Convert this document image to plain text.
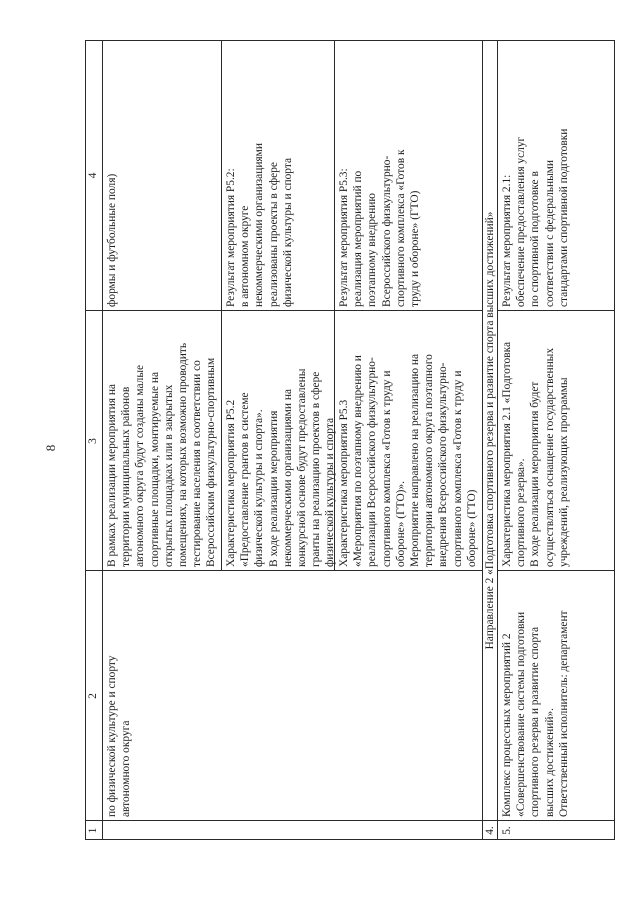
8
1
2
3
4
по физической культуре и спорту автономного округа
В рамках реализации мероприятия на территории муниципальных районов автономного округа будут созданы малые спортивные площадки, монтируемые на открытых площадках или в закрытых помещениях, на которых возможно проводить тестирование населения в соответствии со Всероссийским физкультурно-спортивным
формы и футбольные поля)
Характеристика мероприятия Р5.2 «Предоставление грантов в системе физической культуры и спорта». В ходе реализации мероприятия некоммерческими организациями на конкурсной основе будут предоставлены гранты на реализацию проектов в сфере физической культуры и спорта
Результат мероприятия Р5.2: в автономном округе некоммерческими организациями реализованы проекты в сфере физической культуры и спорта
Характеристика мероприятия Р5.3 «Мероприятия по поэтапному внедрению и реализации Всероссийского физкультурно- спортивного комплекса «Готов к труду и обороне» (ГТО)». Мероприятие направлено на реализацию на территории автономного округа поэтапного внедрения Всероссийского физкультурно- спортивного комплекса «Готов к труду и обороне» (ГТО)
Результат мероприятия Р5.3: реализация мероприятий по поэтапному внедрению Всероссийского физкультурно- спортивного комплекса «Готов к труду и обороне» (ГТО)
4.
Направление 2 «Подготовка спортивного резерва и развитие спорта высших достижений»
5.
Комплекс процессных мероприятий 2 «Совершенствование системы подготовки спортивного резерва и развитие спорта высших достижений». Ответственный исполнитель: департамент
Характеристика мероприятия 2.1 «Подготовка спортивного резерва». В ходе реализации мероприятия будет осуществляться оснащение государственных учреждений, реализующих программы
Результат мероприятия 2.1: обеспечение предоставления услуг по спортивной подготовке в соответствии с федеральными стандартами спортивной подготовки
